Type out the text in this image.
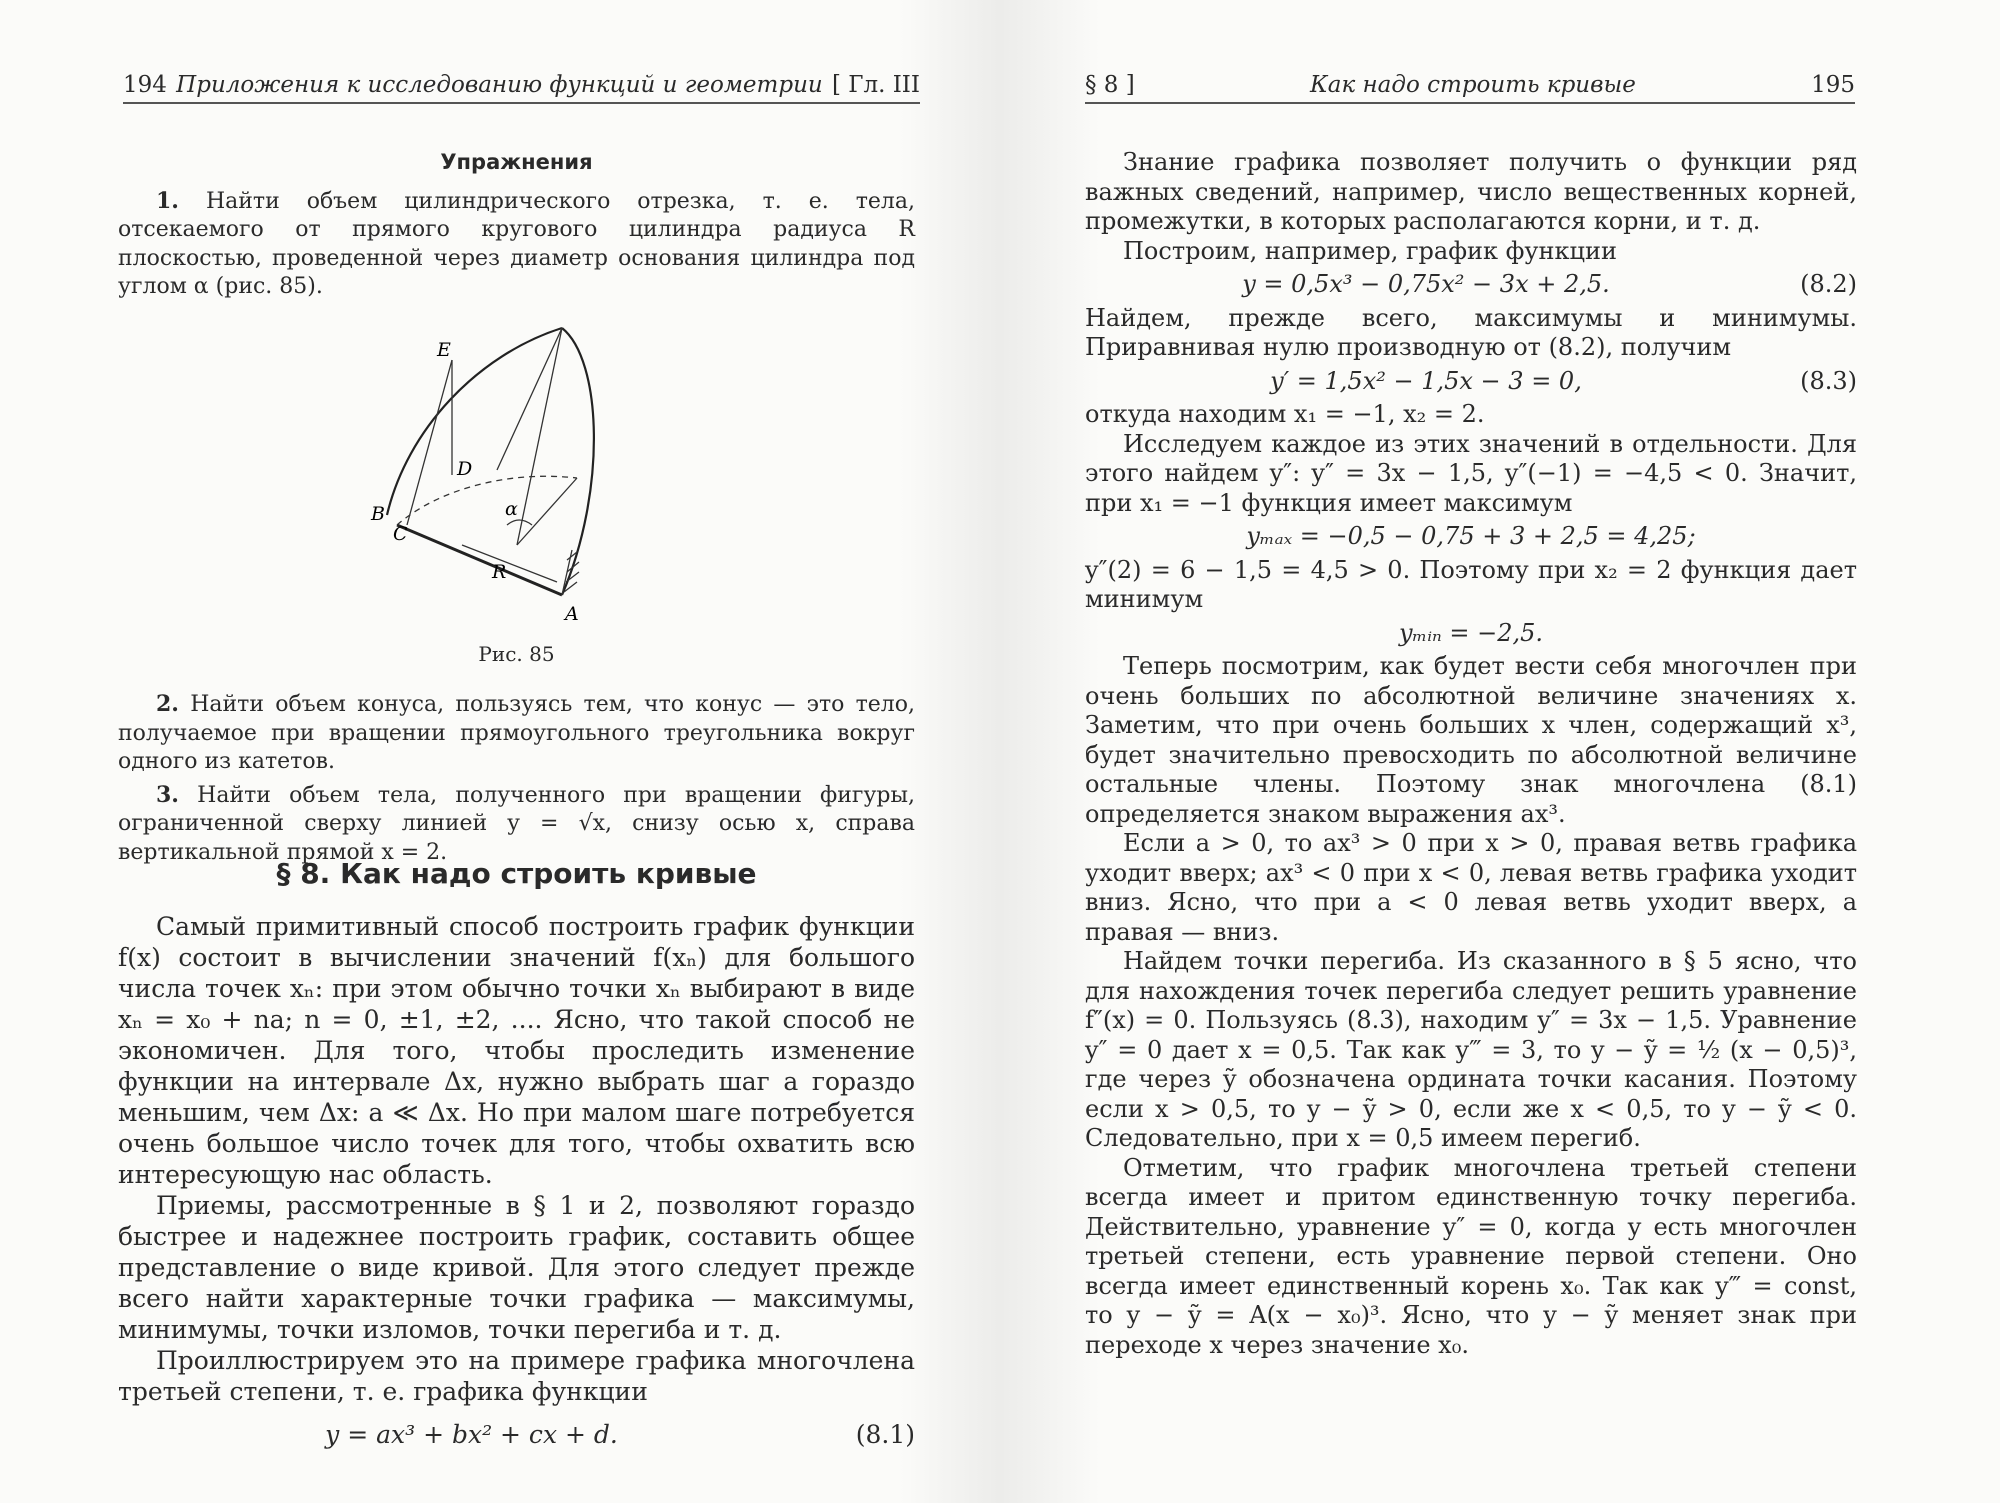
194 Приложения к исследованию функций и геометрии [ Гл. III
Упражнения

1. Найти объем цилиндрического отрезка, т. е. тела, отсекаемого от прямого кругового цилиндра радиуса R плоскостью, проведенной через диаметр основания цилиндра под углом α (рис. 85).

E
D
B
C
α
R
A
Рис. 85

2. Найти объем конуса, пользуясь тем, что конус — это тело, получаемое при вращении прямоугольного треугольника вокруг одного из катетов.

3. Найти объем тела, полученного при вращении фигуры, ограниченной сверху линией y = √x, снизу осью x, справа вертикальной прямой x = 2.

§ 8. Как надо строить кривые

Самый примитивный способ построить график функции f(x) состоит в вычислении значений f(xₙ) для большого числа точек xₙ: при этом обычно точки xₙ выбирают в виде xₙ = x₀ + na; n = 0, ±1, ±2, .... Ясно, что такой способ не экономичен. Для того, чтобы проследить изменение функции на интервале Δx, нужно выбрать шаг a гораздо меньшим, чем Δx: a ≪ Δx. Но при малом шаге потребуется очень большое число точек для того, чтобы охватить всю интересующую нас область.

Приемы, рассмотренные в § 1 и 2, позволяют гораздо быстрее и надежнее построить график, составить общее представление о виде кривой. Для этого следует прежде всего найти характерные точки графика — максимумы, минимумы, точки изломов, точки перегиба и т. д.

Проиллюстрируем это на примере графика многочлена третьей степени, т. е. графика функции

y = ax³ + bx² + cx + d.	(8.1)
§ 8 ]	Как надо строить кривые	195

Знание графика позволяет получить о функции ряд важных сведений, например, число вещественных корней, промежутки, в которых располагаются корни, и т. д.

Построим, например, график функции

y = 0,5x³ − 0,75x² − 3x + 2,5.	(8.2)

Найдем, прежде всего, максимумы и минимумы. Приравнивая нулю производную от (8.2), получим

y′ = 1,5x² − 1,5x − 3 = 0,	(8.3)

откуда находим x₁ = −1, x₂ = 2.

Исследуем каждое из этих значений в отдельности. Для этого найдем y″: y″ = 3x − 1,5, y″(−1) = −4,5 < 0. Значит, при x₁ = −1 функция имеет максимум

yₘₐₓ = −0,5 − 0,75 + 3 + 2,5 = 4,25;

y″(2) = 6 − 1,5 = 4,5 > 0. Поэтому при x₂ = 2 функция дает минимум

yₘᵢₙ = −2,5.

Теперь посмотрим, как будет вести себя многочлен при очень больших по абсолютной величине значениях x. Заметим, что при очень больших x член, содержащий x³, будет значительно превосходить по абсолютной величине остальные члены. Поэтому знак многочлена (8.1) определяется знаком выражения ax³.

Если a > 0, то ax³ > 0 при x > 0, правая ветвь графика уходит вверх; ax³ < 0 при x < 0, левая ветвь графика уходит вниз. Ясно, что при a < 0 левая ветвь уходит вверх, а правая — вниз.

Найдем точки перегиба. Из сказанного в § 5 ясно, что для нахождения точек перегиба следует решить уравнение f″(x) = 0. Пользуясь (8.3), находим y″ = 3x − 1,5. Уравнение y″ = 0 дает x = 0,5. Так как y‴ = 3, то y − ỹ = ½ (x − 0,5)³, где через ỹ обозначена ордината точки касания. Поэтому если x > 0,5, то y − ỹ > 0, если же x < 0,5, то y − ỹ < 0. Следовательно, при x = 0,5 имеем перегиб.

Отметим, что график многочлена третьей степени всегда имеет и притом единственную точку перегиба. Действительно, уравнение y″ = 0, когда y есть многочлен третьей степени, есть уравнение первой степени. Оно всегда имеет единственный корень x₀. Так как y‴ = const, то y − ỹ = A(x − x₀)³. Ясно, что y − ỹ меняет знак при переходе x через значение x₀.
